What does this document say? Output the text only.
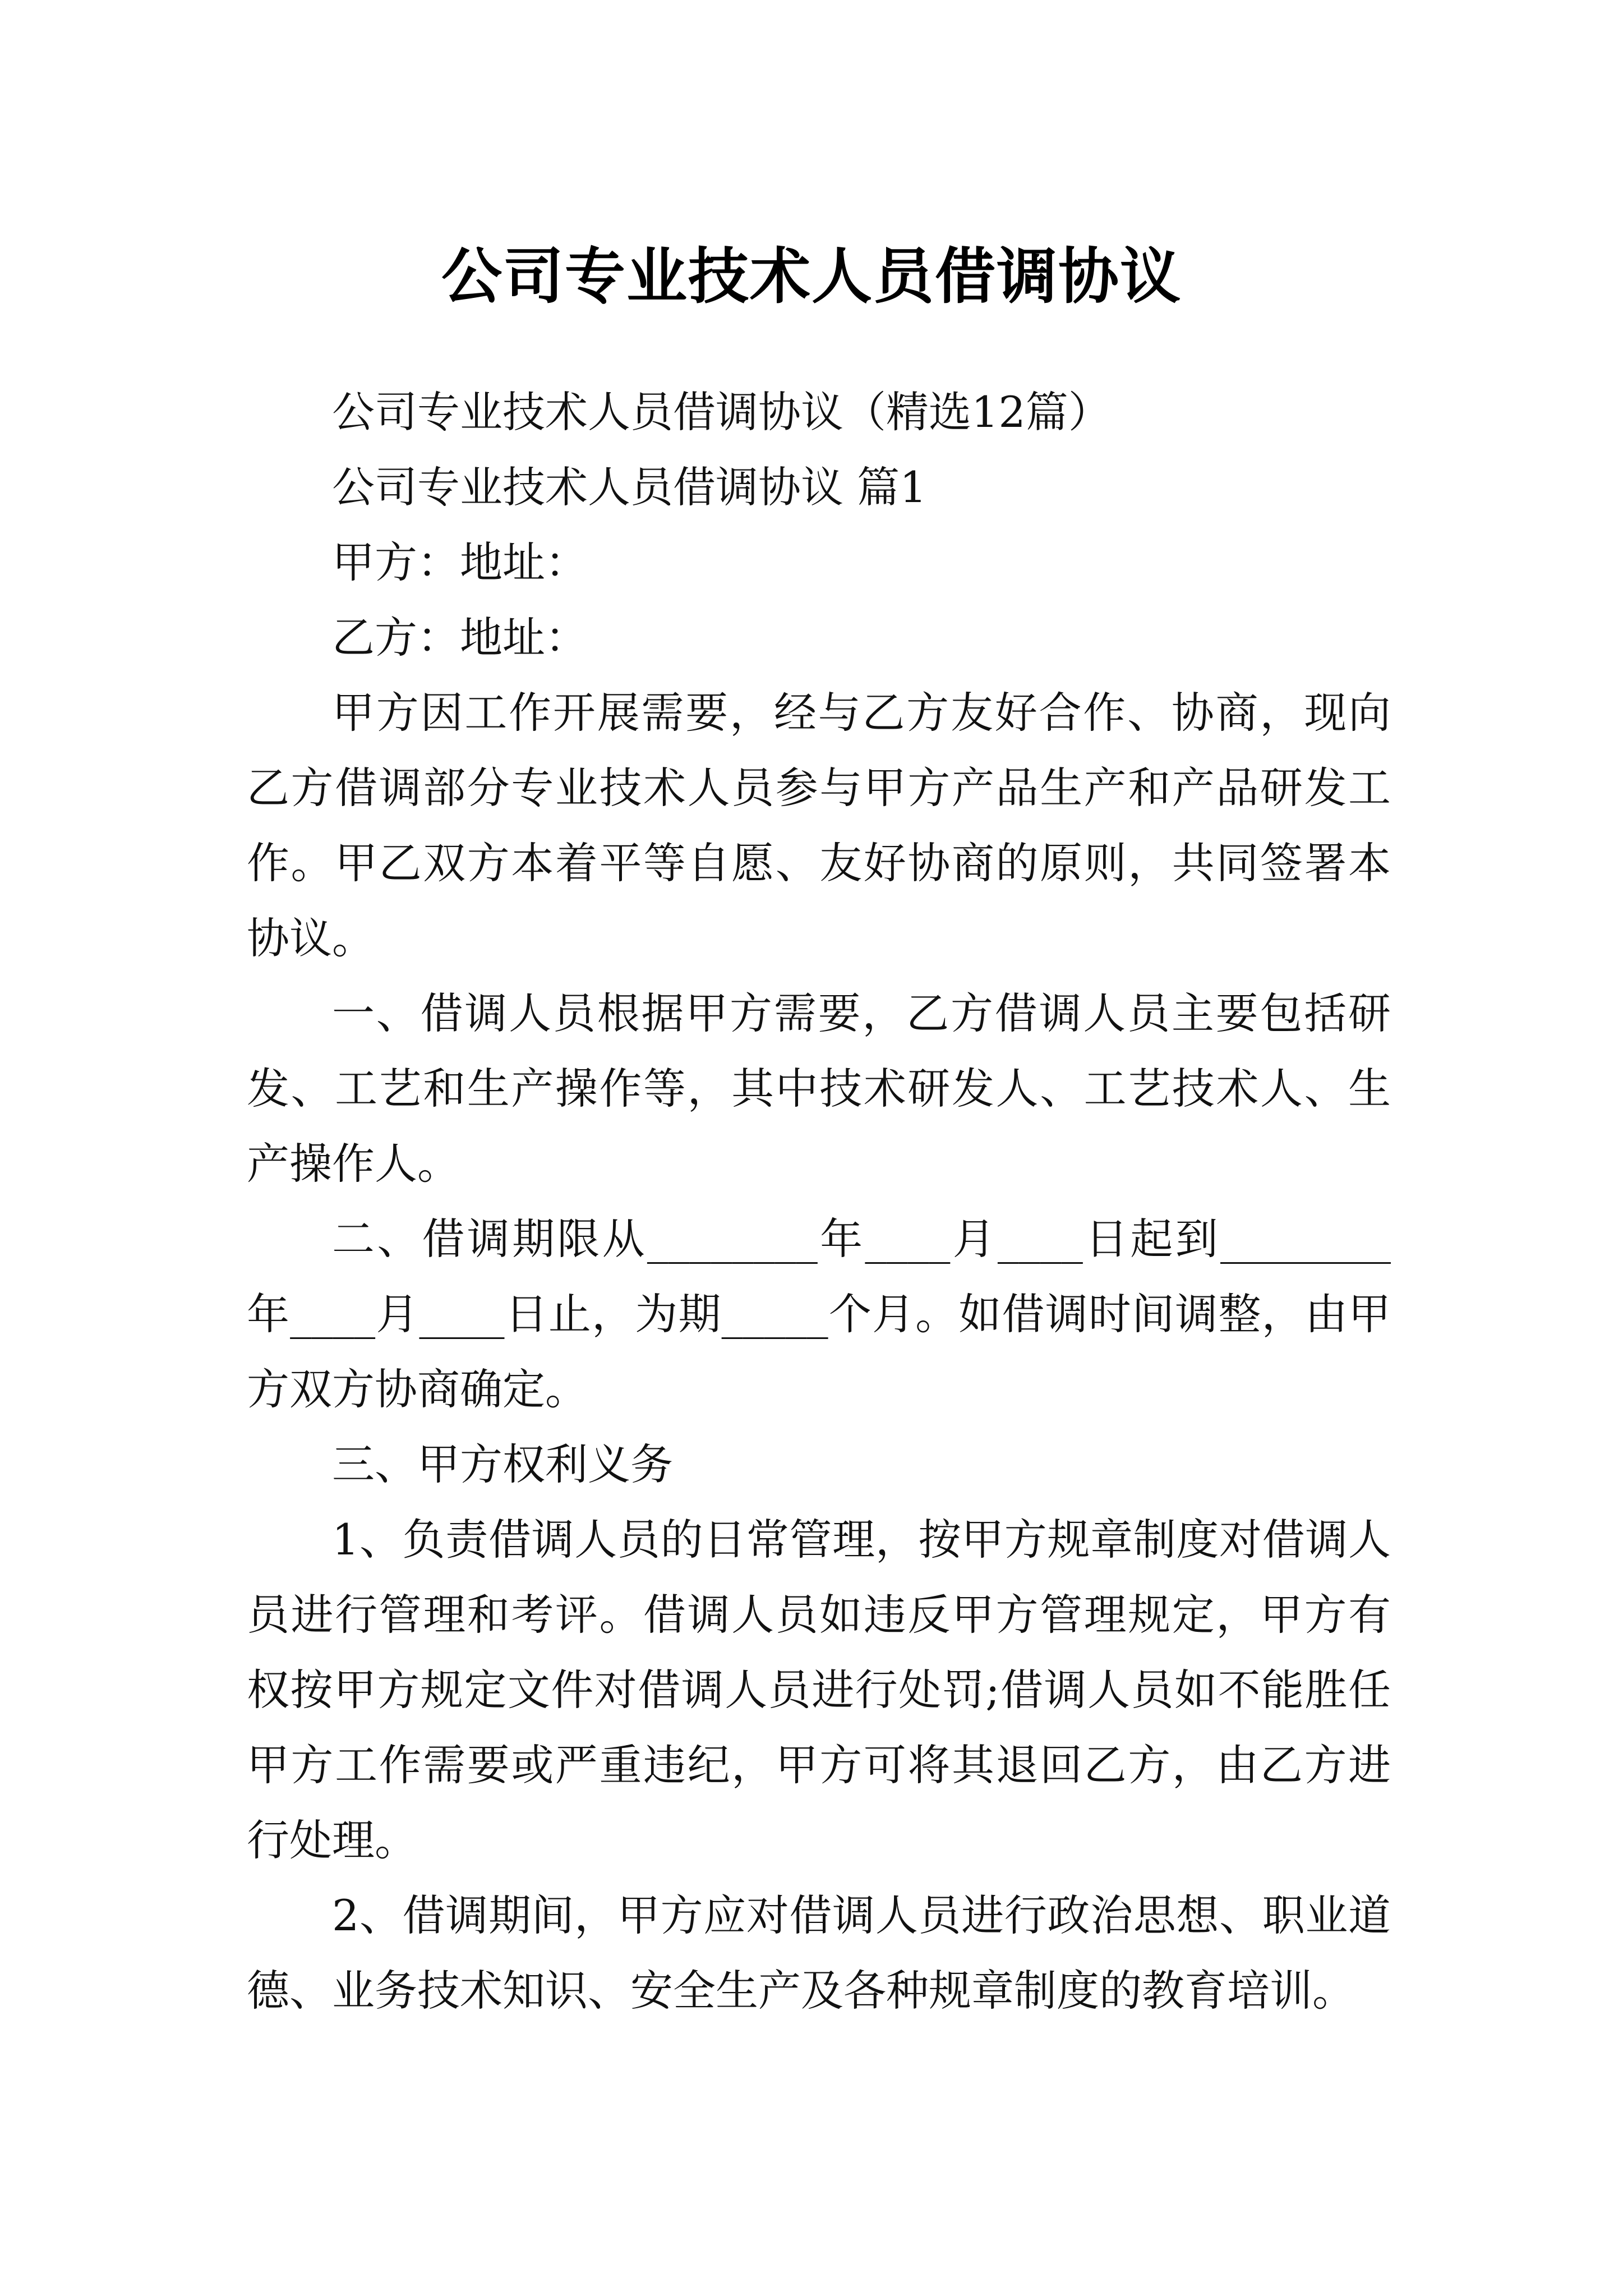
公司专业技术人员借调协议

公司专业技术人员借调协议（精选12篇）

公司专业技术人员借调协议 篇1

甲方：地址：

乙方：地址：

甲方因工作开展需要，经与乙方友好合作、协商，现向乙方借调部分专业技术人员参与甲方产品生产和产品研发工作。甲乙双方本着平等自愿、友好协商的原则，共同签署本协议。

一、借调人员根据甲方需要，乙方借调人员主要包括研发、工艺和生产操作等，其中技术研发人、工艺技术人、生产操作人。

二、借调期限从________年____月____日起到________年____月____日止，为期_____个月。如借调时间调整，由甲方双方协商确定。

三、甲方权利义务

1、负责借调人员的日常管理，按甲方规章制度对借调人员进行管理和考评。借调人员如违反甲方管理规定，甲方有权按甲方规定文件对借调人员进行处罚;借调人员如不能胜任甲方工作需要或严重违纪，甲方可将其退回乙方，由乙方进行处理。

2、借调期间，甲方应对借调人员进行政治思想、职业道德、业务技术知识、安全生产及各种规章制度的教育培训。
